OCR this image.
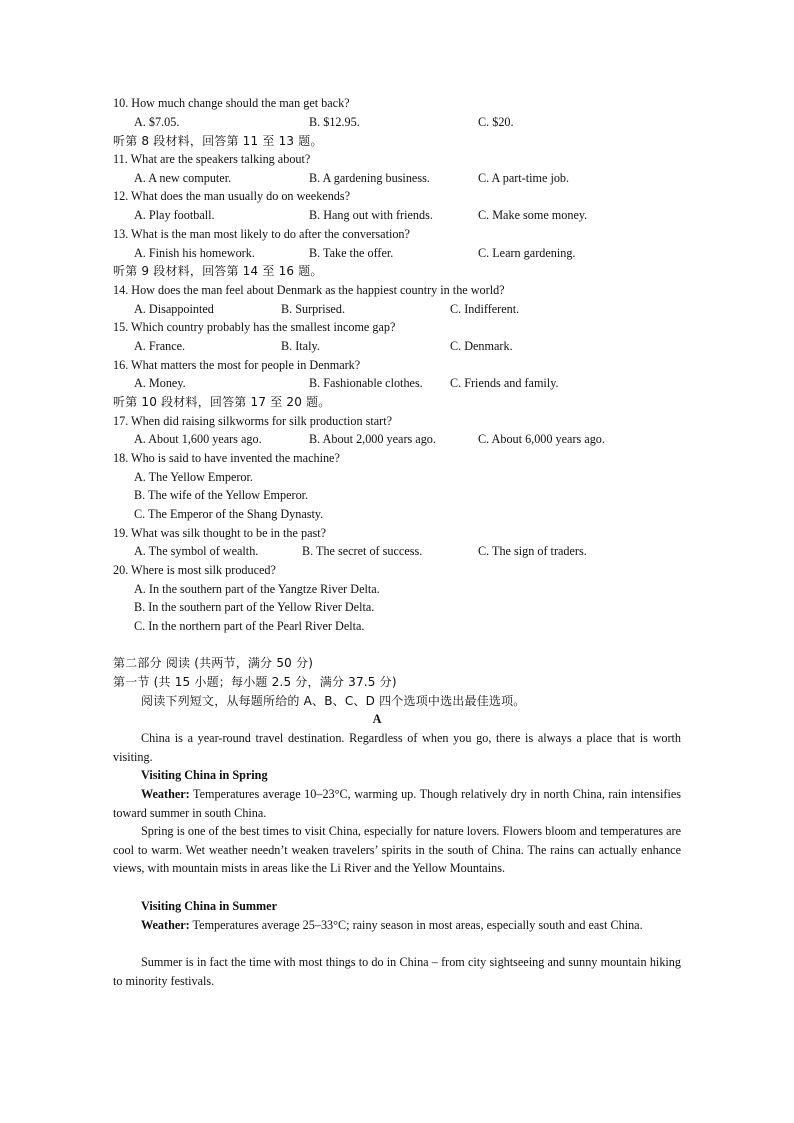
10. How much change should the man get back?
A. $7.05.	B. $12.95.	C. $20.
听第 8 段材料，回答第 11 至 13 题。
11. What are the speakers talking about?
A. A new computer.	B. A gardening business.	C. A part-time job.
12. What does the man usually do on weekends?
A. Play football.	B. Hang out with friends.	C. Make some money.
13. What is the man most likely to do after the conversation?
A. Finish his homework.	B. Take the offer.	C. Learn gardening.
听第 9 段材料，回答第 14 至 16 题。
14. How does the man feel about Denmark as the happiest country in the world?
A. Disappointed	B. Surprised.	C. Indifferent.
15. Which country probably has the smallest income gap?
A. France.	B. Italy.	C. Denmark.
16. What matters the most for people in Denmark?
A. Money.	B. Fashionable clothes. C. Friends and family.
听第 10 段材料，回答第 17 至 20 题。
17. When did raising silkworms for silk production start?
A. About 1,600 years ago.	B. About 2,000 years ago.	C. About 6,000 years ago.
18. Who is said to have invented the machine?
A. The Yellow Emperor.
B. The wife of the Yellow Emperor.
C. The Emperor of the Shang Dynasty.
19. What was silk thought to be in the past?
A. The symbol of wealth.	B. The secret of success.	C. The sign of traders.
20. Where is most silk produced?
A. In the southern part of the Yangtze River Delta.
B. In the southern part of the Yellow River Delta.
C. In the northern part of the Pearl River Delta.
第二部分 阅读 (共两节，满分 50 分)
第一节 (共 15 小题；每小题 2.5 分，满分 37.5 分)
阅读下列短文，从每题所给的 A、B、C、D 四个选项中选出最佳选项。
A
China is a year-round travel destination. Regardless of when you go, there is always a place that is worth visiting.
Visiting China in Spring
Weather: Temperatures average 10–23°C, warming up. Though relatively dry in north China, rain intensifies toward summer in south China.
Spring is one of the best times to visit China, especially for nature lovers. Flowers bloom and temperatures are cool to warm. Wet weather needn’t weaken travelers’ spirits in the south of China. The rains can actually enhance views, with mountain mists in areas like the Li River and the Yellow Mountains.
Visiting China in Summer
Weather: Temperatures average 25–33°C; rainy season in most areas, especially south and east China.
Summer is in fact the time with most things to do in China – from city sightseeing and sunny mountain hiking to minority festivals.
